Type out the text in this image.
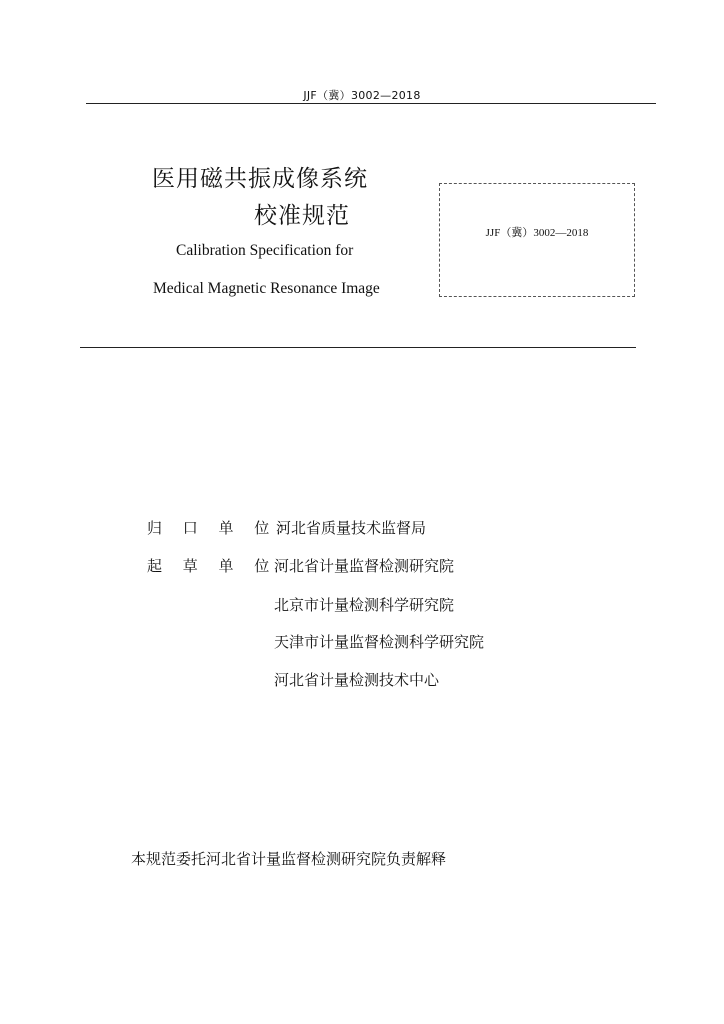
JJF（冀）3002—2018
医用磁共振成像系统
校准规范
Calibration Specification for
Medical Magnetic Resonance Image
JJF（冀）3002—2018
归 口 单 位：
河北省质量技术监督局
起 草 单 位：
河北省计量监督检测研究院
北京市计量检测科学研究院
天津市计量监督检测科学研究院
河北省计量检测技术中心
本规范委托河北省计量监督检测研究院负责解释
